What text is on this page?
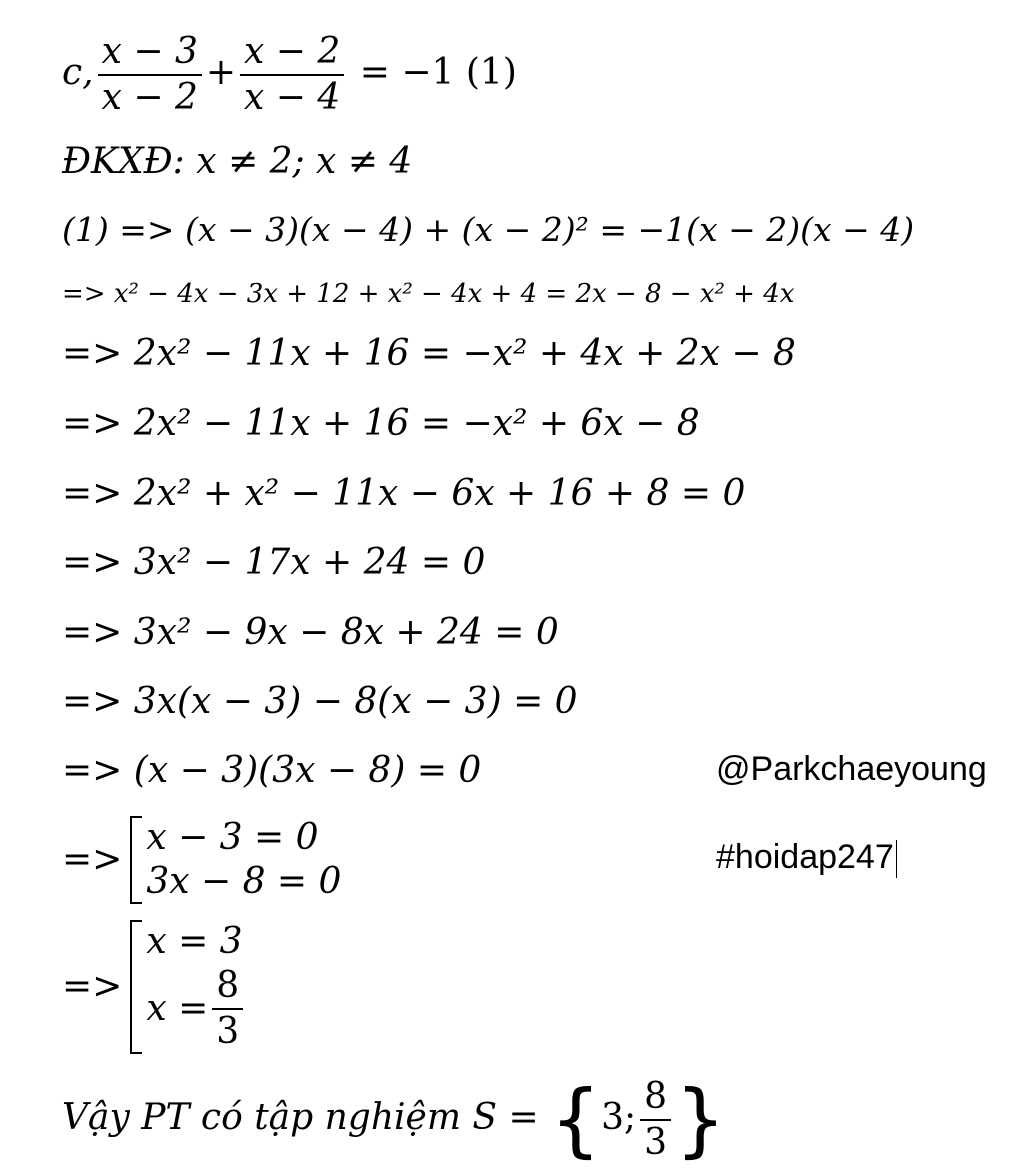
c, $\frac{x - 3}{x - 2} + \frac{x - 2}{x - 4} = -1$ (1)
ĐKXĐ: x ≠ 2; x ≠ 4
(1) => (x − 3)(x − 4) + (x − 2)² = −1(x − 2)(x − 4)
=> x² − 4x − 3x + 12 + x² − 4x + 4 = 2x − 8 − x² + 4x
=> 2x² − 11x + 16 = −x² + 4x + 2x − 8
=> 2x² − 11x + 16 = −x² + 6x − 8
=> 2x² + x² − 11x − 6x + 16 + 8 = 0
=> 3x² − 17x + 24 = 0
=> 3x² − 9x − 8x + 24 = 0
=> 3x(x − 3) − 8(x − 3) = 0
=> (x − 3)(3x − 8) = 0
=>
x − 3 = 0
3x − 8 = 0
=>
x = 3
$x = \frac{8}{3}$
Vậy PT có tập nghiệm S = {3; $\frac{8}{3}$ }
@Parkchaeyoung
#hoidap247
